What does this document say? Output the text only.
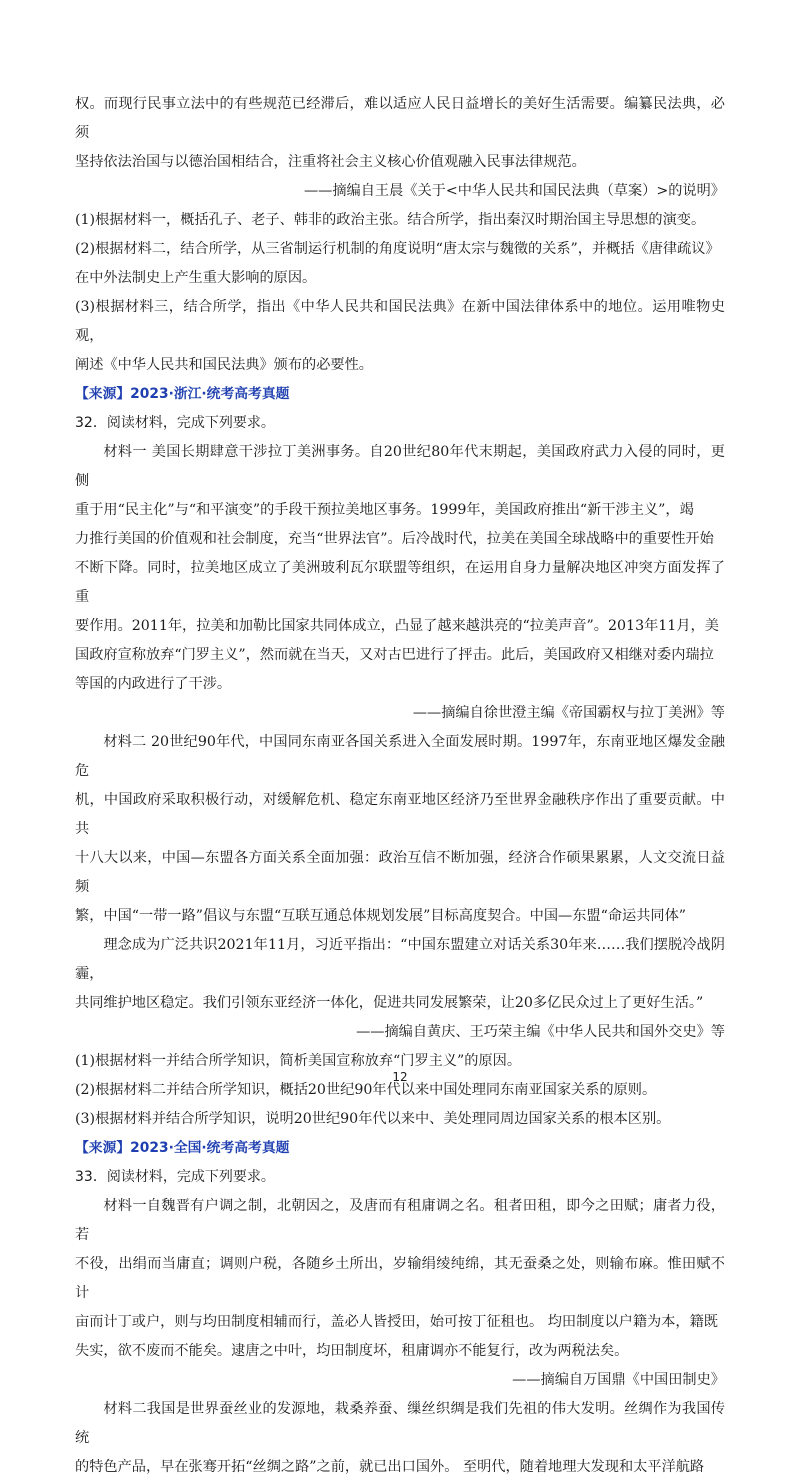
权。而现行民事立法中的有些规范已经滞后，难以适应人民日益增长的美好生活需要。编纂民法典，必须

坚持依法治国与以德治国相结合，注重将社会主义核心价值观融入民事法律规范。

——摘编自王晨《关于<中华人民共和国民法典（草案）>的说明》

(1)根据材料一，概括孔子、老子、韩非的政治主张。结合所学，指出秦汉时期治国主导思想的演变。

(2)根据材料二，结合所学，从三省制运行机制的角度说明“唐太宗与魏徵的关系”，并概括《唐律疏议》

在中外法制史上产生重大影响的原因。

(3)根据材料三，结合所学，指出《中华人民共和国民法典》在新中国法律体系中的地位。运用唯物史观，

阐述《中华人民共和国民法典》颁布的必要性。

【来源】2023·浙江·统考高考真题

32．阅读材料，完成下列要求。

材料一 美国长期肆意干涉拉丁美洲事务。自20世纪80年代末期起，美国政府武力入侵的同时，更侧

重于用“民主化”与“和平演变”的手段干预拉美地区事务。1999年，美国政府推出“新干涉主义”，竭

力推行美国的价值观和社会制度，充当“世界法官”。后冷战时代，拉美在美国全球战略中的重要性开始

不断下降。同时，拉美地区成立了美洲玻利瓦尔联盟等组织，在运用自身力量解决地区冲突方面发挥了重

要作用。2011年，拉美和加勒比国家共同体成立，凸显了越来越洪亮的“拉美声音”。2013年11月，美

国政府宣称放弃“门罗主义”，然而就在当天，又对古巴进行了抨击。此后，美国政府又相继对委内瑞拉

等国的内政进行了干涉。

——摘编自徐世澄主编《帝国霸权与拉丁美洲》等

材料二 20世纪90年代，中国同东南亚各国关系进入全面发展时期。1997年，东南亚地区爆发金融危

机，中国政府采取积极行动，对缓解危机、稳定东南亚地区经济乃至世界金融秩序作出了重要贡献。中共

十八大以来，中国—东盟各方面关系全面加强：政治互信不断加强，经济合作硕果累累，人文交流日益频

繁，中国“一带一路”倡议与东盟“互联互通总体规划发展”目标高度契合。中国—东盟“命运共同体”

理念成为广泛共识2021年11月，习近平指出：“中国东盟建立对话关系30年来……我们摆脱冷战阴霾，

共同维护地区稳定。我们引领东亚经济一体化，促进共同发展繁荣，让20多亿民众过上了更好生活。”

——摘编自黄庆、王巧荣主编《中华人民共和国外交史》等

(1)根据材料一并结合所学知识，简析美国宣称放弃“门罗主义”的原因。

(2)根据材料二并结合所学知识，概括20世纪90年代以来中国处理同东南亚国家关系的原则。

(3)根据材料并结合所学知识，说明20世纪90年代以来中、美处理同周边国家关系的根本区别。

【来源】2023·全国·统考高考真题

33．阅读材料，完成下列要求。

材料一自魏晋有户调之制，北朝因之，及唐而有租庸调之名。租者田租，即今之田赋；庸者力役，若

不役，出绢而当庸直；调则户税，各随乡土所出，岁输绢绫纯绵，其无蚕桑之处，则输布麻。惟田赋不计

亩而计丁或户，则与均田制度相辅而行，盖必人皆授田，始可按丁征租也。 均田制度以户籍为本，籍既

失实，欲不废而不能矣。逮唐之中叶，均田制度坏，租庸调亦不能复行，改为两税法矣。

——摘编自万国鼎《中国田制史》

材料二我国是世界蚕丝业的发源地，栽桑养蚕、缫丝织绸是我们先祖的伟大发明。丝绸作为我国传统

的特色产品，早在张骞开拓“丝绸之路”之前，就已出口国外。 至明代，随着地理大发现和太平洋航路

12
